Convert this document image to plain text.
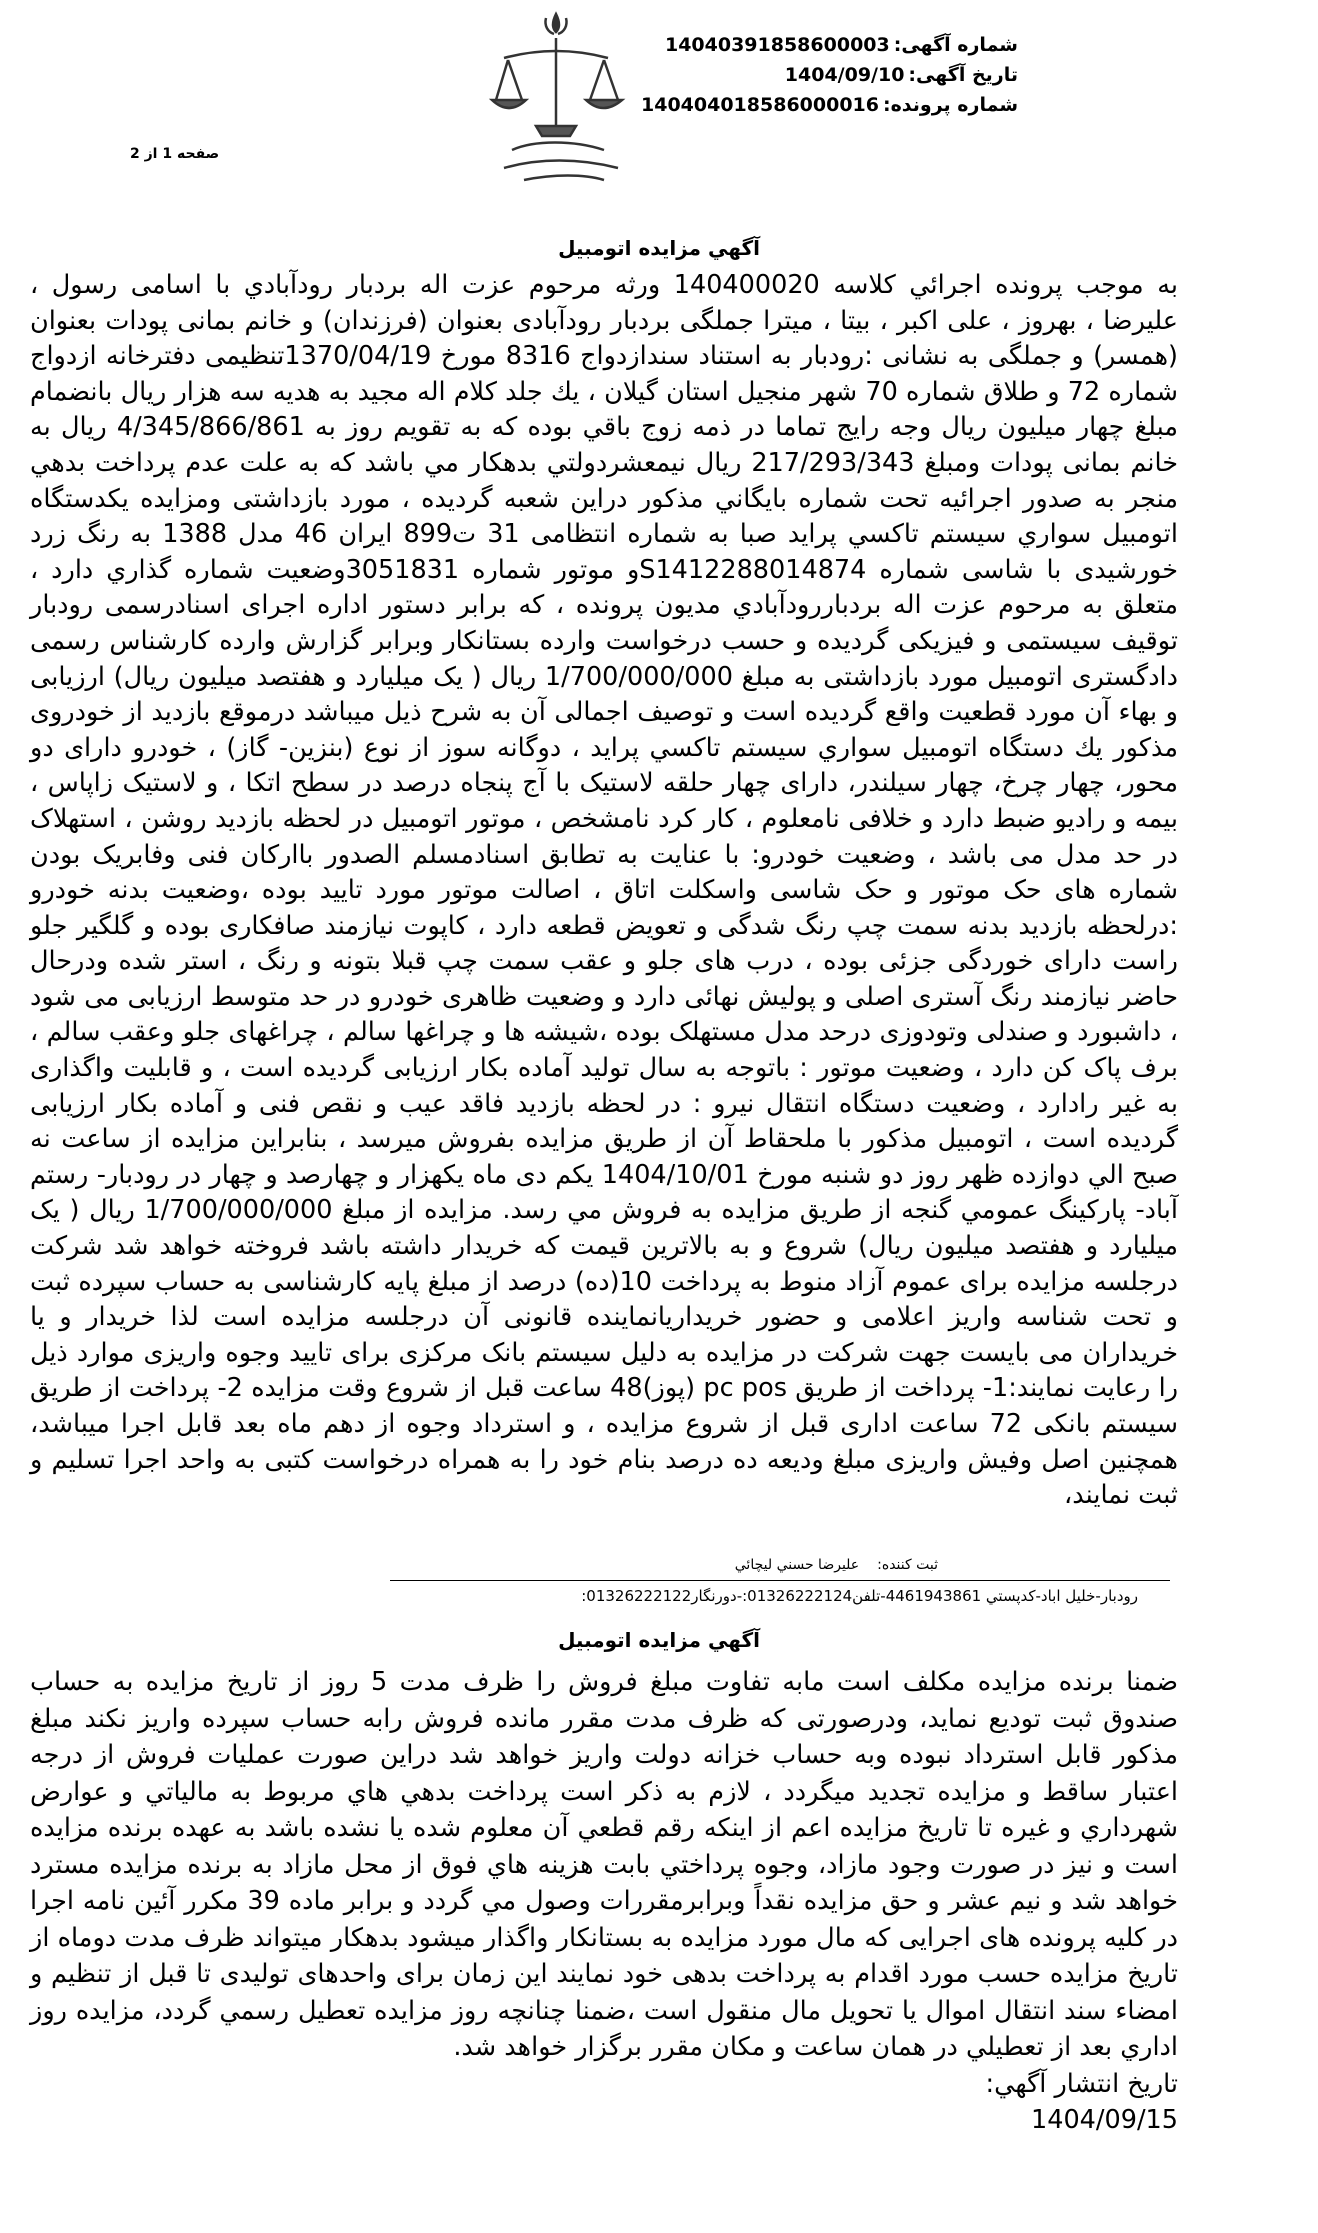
شماره آگهی:14040391858600003
تاریخ آگهی:1404/09/10
شماره پرونده:140404018586000016
صفحه 1 از 2
آگهي مزايده اتومبيل
به موجب پرونده اجرائي كلاسه 140400020 ورثه مرحوم عزت اله بردبار رودآبادي با اسامی رسول ، علیرضا ، بهروز ، علی اکبر ، بیتا ، میترا جملگی بردبار رودآبادی بعنوان (فرزندان) و خانم بمانی پودات بعنوان (همسر) و جملگی به نشانی :رودبار به استناد سندازدواج 8316 مورخ 1370/04/19تنظیمی دفترخانه ازدواج شماره 72 و طلاق شماره 70 شهر منجیل استان گیلان ، يك جلد كلام اله مجيد به هديه سه هزار ريال بانضمام مبلغ چهار میلیون ریال وجه رایج تماما در ذمه زوج باقي بوده كه به تقويم روز به 4/345/866/861 ريال به خانم بمانی پودات ومبلغ 217/293/343 ريال نيمعشردولتي بدهكار مي باشد كه به علت عدم پرداخت بدهي منجر به صدور اجرائيه تحت شماره بايگاني مذكور دراين شعبه گرديده ، مورد بازداشتی ومزایده یکدستگاه اتومبيل سواري سيستم تاكسي پرايد صبا به شماره انتظامی 31 ت899 ایران 46 مدل 1388 به رنگ زرد خورشيدی با شاسی شماره S1412288014874و موتور شماره 3051831وضعيت شماره گذاري دارد ، متعلق به مرحوم عزت اله بردباررودآبادي مديون پرونده ، كه برابر دستور اداره اجرای اسنادرسمی رودبار توقيف سيستمی و فيزيكی گرديده و حسب درخواست وارده بستانكار وبرابر گزارش وارده کارشناس رسمی دادگستری اتومبیل مورد بازداشتی به مبلغ 1/700/000/000 ریال ( یک میلیارد و هفتصد میلیون ریال) ارزیابی و بهاء آن مورد قطعیت واقع گردیده است و توصیف اجمالی آن به شرح ذيل ميباشد درموقع بازدید از خودروی مذکور یك دستگاه اتومبيل سواري سيستم تاكسي پرايد ، دوگانه سوز از نوع (بنزین- گاز) ، خودرو دارای دو محور، چهار چرخ، چهار سیلندر، دارای چهار حلقه لاستیک با آج پنجاه درصد در سطح اتکا ، و لاستیک زاپاس ، بیمه و رادیو ضبط دارد و خلافی نامعلوم ، کار کرد نامشخص ، موتور اتومبیل در لحظه بازدید روشن ، استهلاک در حد مدل می باشد ، وضعیت خودرو: با عنایت به تطابق اسنادمسلم الصدور باارکان فنی وفابریک بودن شماره های حک موتور و حک شاسی واسکلت اتاق ، اصالت موتور مورد تایید بوده ،وضعیت بدنه خودرو :درلحظه بازدید بدنه سمت چپ رنگ شدگی و تعویض قطعه دارد ، کاپوت نیازمند صافکاری بوده و گلگیر جلو راست دارای خوردگی جزئی بوده ، درب های جلو و عقب سمت چپ قبلا بتونه و رنگ ، استر شده ودرحال حاضر نیازمند رنگ آستری اصلی و پولیش نهائی دارد و وضعیت ظاهری خودرو در حد متوسط ارزیابی می شود ، داشبورد و صندلی وتودوزی درحد مدل مستهلک بوده ،شیشه ها و چراغها سالم ، چراغهای جلو وعقب سالم ، برف پاک کن دارد ، وضعیت موتور : باتوجه به سال تولید آماده بکار ارزیابی گردیده است ، و قابلیت واگذاری به غیر رادارد ، وضعیت دستگاه انتقال نیرو : در لحظه بازدید فاقد عیب و نقص فنی و آماده بکار ارزیابی گردیده است ، اتومبیل مذکور با ملحقاط آن از طريق مزايده بفروش ميرسد ، بنابراين مزايده از ساعت نه صبح الي دوازده ظهر روز دو شنبه مورخ 1404/10/01 یکم دی ماه یکهزار و چهارصد و چهار در رودبار- رستم آباد- پاركينگ عمومي گنجه از طريق مزايده به فروش مي رسد. مزايده از مبلغ 1/700/000/000 ریال ( یک میلیارد و هفتصد میلیون ریال) شروع و به بالاترين قيمت كه خريدار داشته باشد فروخته خواهد شد شرکت درجلسه مزایده برای عموم آزاد منوط به پرداخت 10(ده) درصد از مبلغ پایه کارشناسی به حساب سپرده ثبت و تحت شناسه واریز اعلامی و حضور خریداریانماینده قانونی آن درجلسه مزایده است لذا خریدار و یا خریداران می بایست جهت شرکت در مزایده به دلیل سیستم بانک مرکزی برای تایید وجوه واریزی موارد ذیل را رعایت نمایند:1- پرداخت از طریق pc pos (پوز)48 ساعت قبل از شروع وقت مزایده 2- پرداخت از طریق سیستم بانکی 72 ساعت اداری قبل از شروع مزایده ، و استرداد وجوه از دهم ماه بعد قابل اجرا میباشد، همچنین اصل وفیش واریزی مبلغ ودیعه ده درصد بنام خود را به همراه درخواست کتبی به واحد اجرا تسلیم و ثبت نمایند،
ثبت كننده:عليرضا حسني ليچائي
رودبار-خليل اباد-كدپستي 4461943861-تلفن01326222124:-دورنگار01326222122:
آگهي مزايده اتومبيل
ضمنا برنده مزایده مکلف است مابه تفاوت مبلغ فروش را ظرف مدت 5 روز از تاریخ مزایده به حساب صندوق ثبت تودیع نماید، ودرصورتی که ظرف مدت مقرر مانده فروش رابه حساب سپرده واریز نکند مبلغ مذکور قابل استرداد نبوده وبه حساب خزانه دولت واریز خواهد شد دراین صورت عملیات فروش از درجه اعتبار ساقط و مزایده تجدید میگردد ، لازم به ذكر است پرداخت بدهي هاي مربوط به مالياتي و عوارض شهرداري و غيره تا تاريخ مزايده اعم از اينكه رقم قطعي آن معلوم شده يا نشده باشد به عهده برنده مزايده است و نيز در صورت وجود مازاد، وجوه پرداختي بابت هزينه هاي فوق از محل مازاد به برنده مزايده مسترد خواهد شد و نيم عشر و حق مزايده نقداً وبرابرمقررات وصول مي گردد و برابر ماده 39 مکرر آئین نامه اجرا در کلیه پرونده های اجرایی که مال مورد مزایده به بستانکار واگذار میشود بدهکار میتواند ظرف مدت دوماه از تاریخ مزایده حسب مورد اقدام به پرداخت بدهی خود نمایند این زمان برای واحدهای تولیدی تا قبل از تنظیم و امضاء سند انتقال اموال یا تحویل مال منقول است ،ضمنا چنانچه روز مزايده تعطيل رسمي گردد، مزايده روز اداري بعد از تعطيلي در همان ساعت و مكان مقرر برگزار خواهد شد.
تاريخ انتشار آگهي:
1404/09/15
